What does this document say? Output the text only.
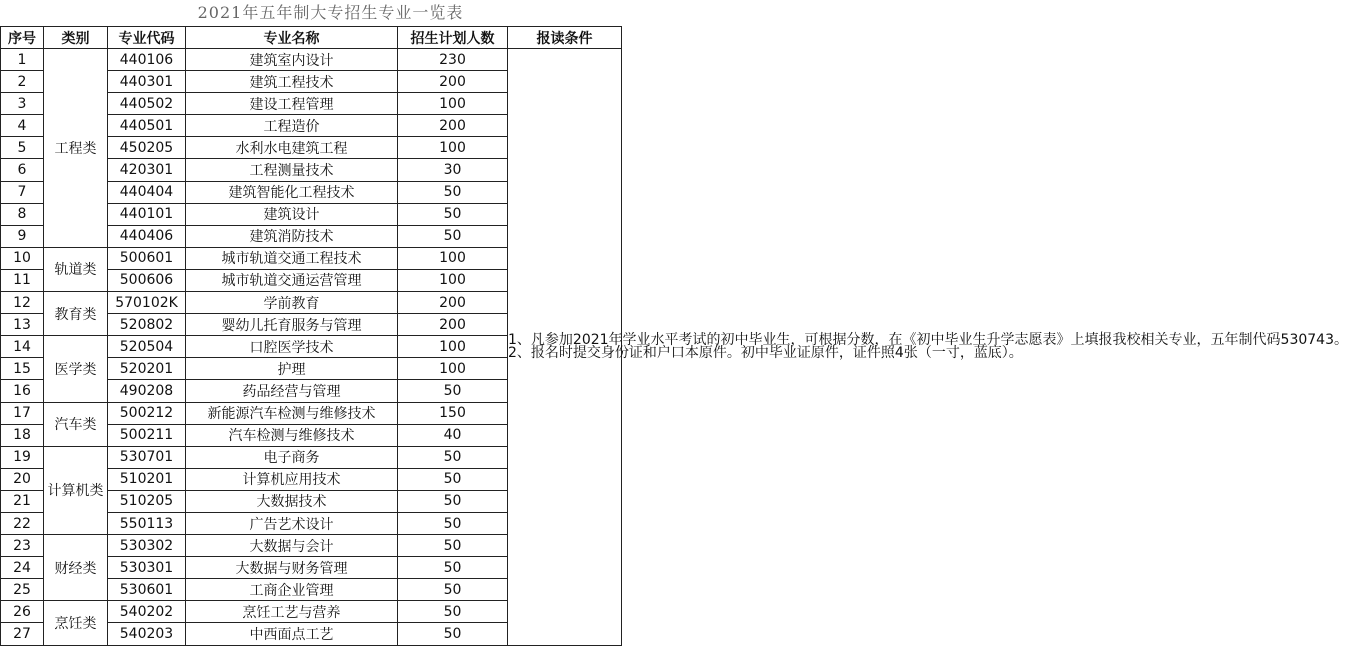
2021年五年制大专招生专业一览表
序号	类别	专业代码	专业名称	招生计划人数	报读条件
1	工程类	440106	建筑室内设计	230	1、凡参加2021年学业水平考试的初中毕业生，可根据分数，在《初中毕业生升学志愿表》上填报我校相关专业，五年制代码530743。

2、报名时提交身份证和户口本原件。初中毕业证原件，证件照4张（一寸，蓝底）。

2		440301	建筑工程技术	200	
3		440502	建设工程管理	100	
4		440501	工程造价	200	
5		450205	水利水电建筑工程	100	
6		420301	工程测量技术	30	
7		440404	建筑智能化工程技术	50	
8		440101	建筑设计	50	
9		440406	建筑消防技术	50	
10	轨道类	500601	城市轨道交通工程技术	100	
11		500606	城市轨道交通运营管理	100	
12	教育类	570102K	学前教育	200	
13		520802	婴幼儿托育服务与管理	200	
14	医学类	520504	口腔医学技术	100	
15		520201	护理	100	
16		490208	药品经营与管理	50	
17	汽车类	500212	新能源汽车检测与维修技术	150	
18		500211	汽车检测与维修技术	40	
19	计算机类	530701	电子商务	50	
20		510201	计算机应用技术	50	
21		510205	大数据技术	50	
22		550113	广告艺术设计	50	
23	财经类	530302	大数据与会计	50	
24		530301	大数据与财务管理	50	
25		530601	工商企业管理	50	
26	烹饪类	540202	烹饪工艺与营养	50	
27		540203	中西面点工艺	50	
